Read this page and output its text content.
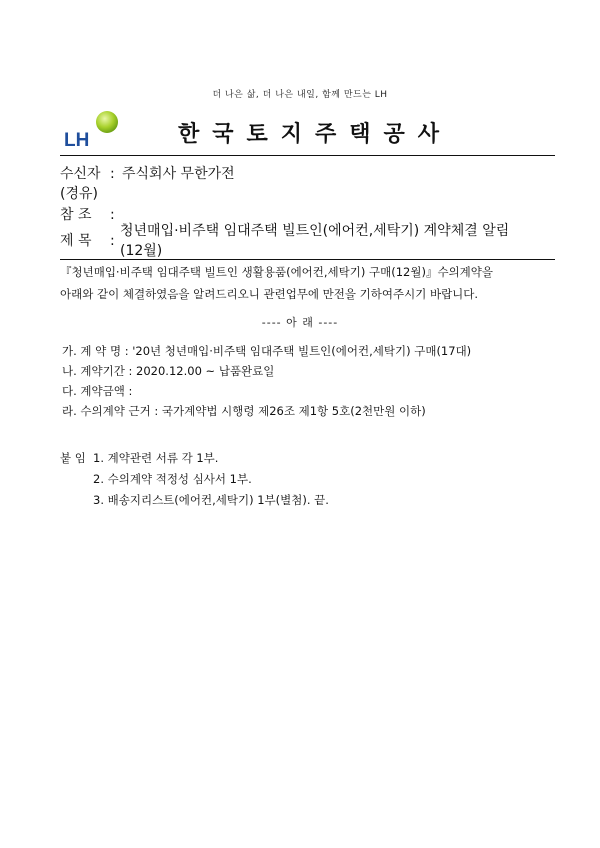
더 나은 삶, 더 나은 내일, 함께 만드는 LH
LH	한국토지주택공사
수신자 : 주식회사 무한가전
(경유)
참 조 :
제 목 :
청년매입·비주택 임대주택 빌트인(에어컨,세탁기) 계약체결 알림
(12월)
『청년매입·비주택 임대주택 빌트인 생활용품(에어컨,세탁기) 구매(12월)』수의계약을
아래와 같이 체결하였음을 알려드리오니 관련업무에 만전을 기하여주시기 바랍니다.
---- 아 래 ----
가. 계 약 명 : '20년 청년매입·비주택 임대주택 빌트인(에어컨,세탁기) 구매(17대)
나. 계약기간 : 2020.12.00 ~ 납품완료일
다. 계약금액 :
라. 수의계약 근거 : 국가계약법 시행령 제26조 제1항 5호(2천만원 이하)
붙 임 1. 계약관련 서류 각 1부.
2. 수의계약 적정성 심사서 1부.
3. 배송지리스트(에어컨,세탁기) 1부(별첨). 끝.
